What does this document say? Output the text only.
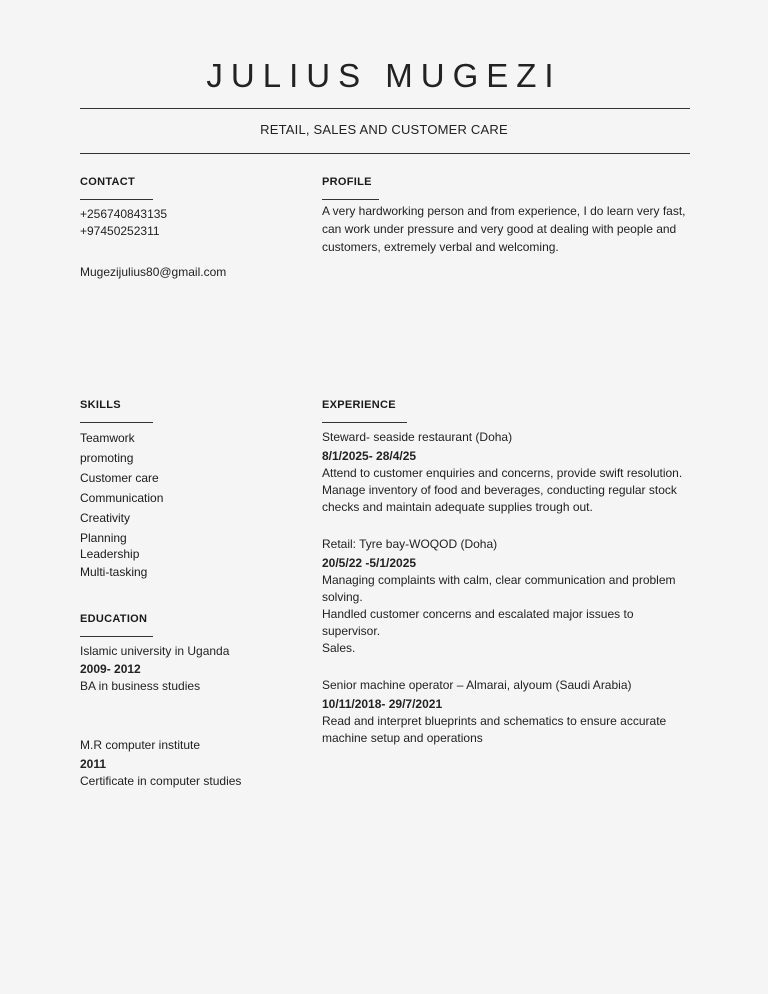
JULIUS MUGEZI
RETAIL, SALES AND CUSTOMER CARE
CONTACT
+256740843135
+97450252311
Mugezijulius80@gmail.com
PROFILE
A very hardworking person and from experience, I do learn very fast, can work under pressure and very good at dealing with people and customers, extremely verbal and welcoming.
SKILLS
Teamwork
promoting
Customer care
Communication
Creativity
Planning
Leadership
Multi-tasking
EDUCATION
Islamic university in Uganda
2009- 2012
BA in business studies
M.R computer institute
2011
Certificate in computer studies
EXPERIENCE
Steward- seaside restaurant (Doha)
8/1/2025- 28/4/25
Attend to customer enquiries and concerns, provide swift resolution.
Manage inventory of food and beverages, conducting regular stock checks and maintain adequate supplies trough out.
Retail: Tyre bay-WOQOD (Doha)
20/5/22 -5/1/2025
Managing complaints with calm, clear communication and problem solving.
Handled customer concerns and escalated major issues to supervisor.
Sales.
Senior machine operator – Almarai, alyoum (Saudi Arabia)
10/11/2018- 29/7/2021
Read and interpret blueprints and schematics to ensure accurate machine setup and operations
